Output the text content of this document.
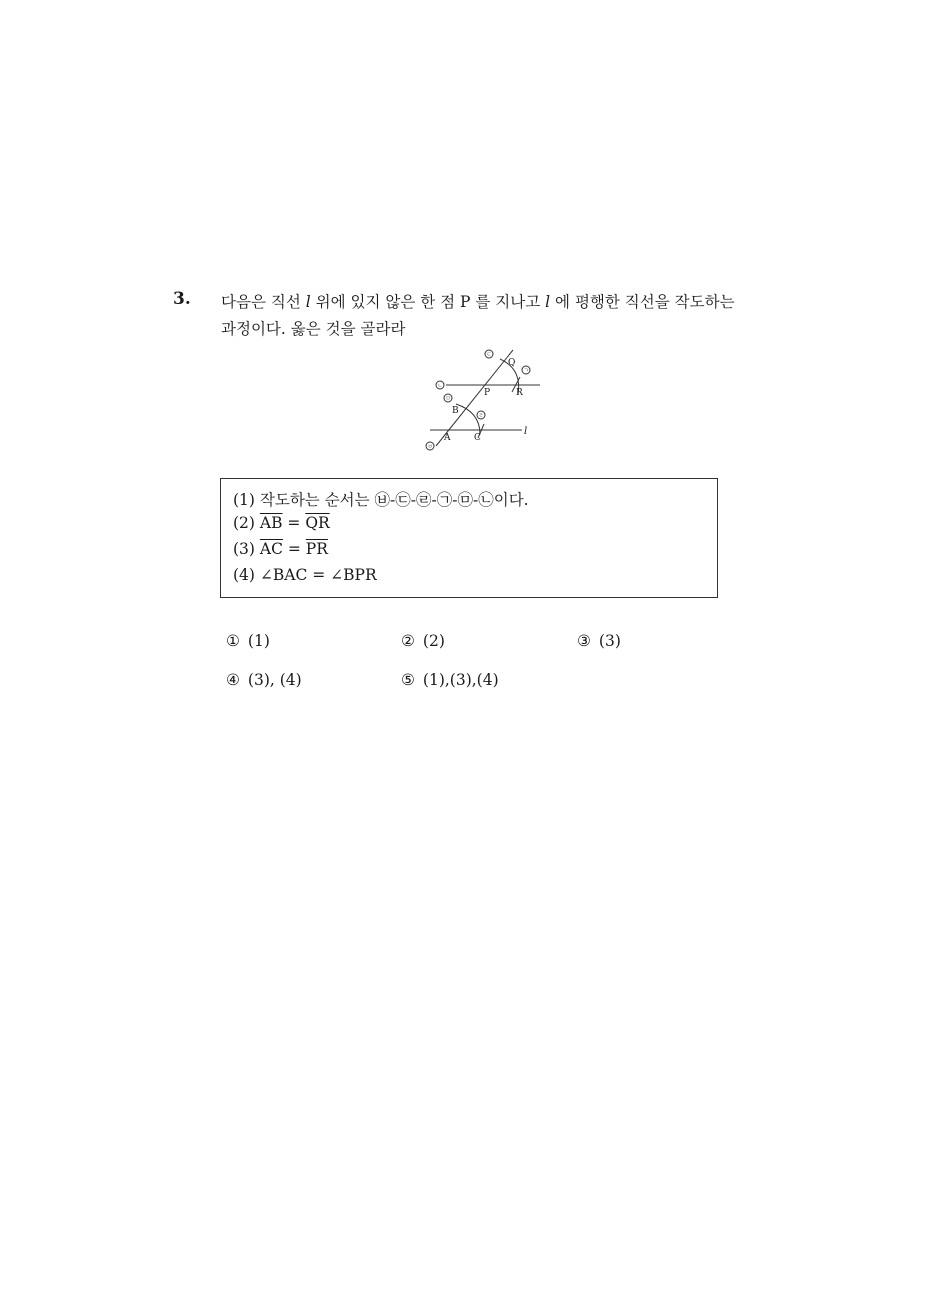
3. 다음은 직선 l 위에 있지 않은 한 점 P 를 지나고 l 에 평행한 직선을 작도하는
과정이다. 옳은 것을 골라라
Q
P	R
B
A	C
l
ㄷ
ㄱ
ㄴ
ㅁ
ㄹ
ㅂ
(1) 작도하는 순서는 ㉥-㉢-㉣-㉠-㉤-㉡이다.
(2) $\overline{AB} = \overline{QR}$
(3) $\overline{AC} = \overline{PR}$
(4) ∠BAC = ∠BPR
① (1)	② (2)	③ (3)
④ (3), (4)	⑤ (1),(3),(4)
